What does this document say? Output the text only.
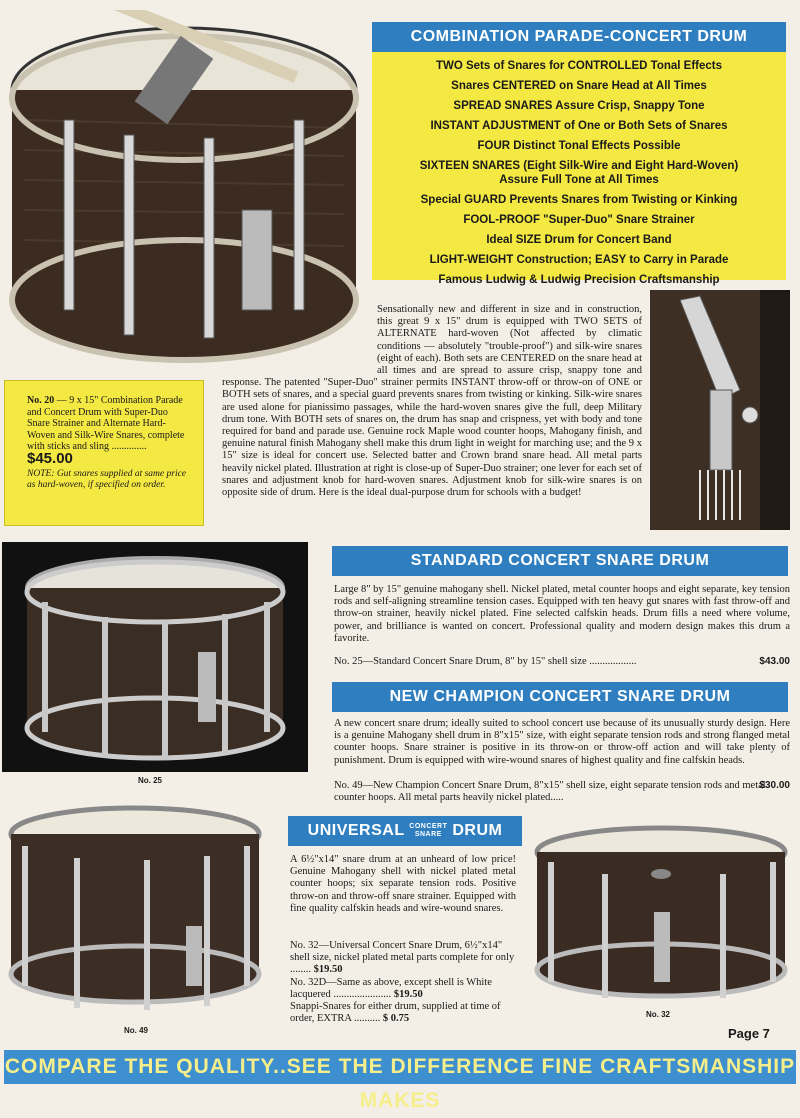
COMBINATION PARADE-CONCERT DRUM
TWO Sets of Snares for CONTROLLED Tonal Effects
Snares CENTERED on Snare Head at All Times
SPREAD SNARES Assure Crisp, Snappy Tone
INSTANT ADJUSTMENT of One or Both Sets of Snares
FOUR Distinct Tonal Effects Possible
SIXTEEN SNARES (Eight Silk-Wire and Eight Hard-Woven)
Assure Full Tone at All Times
Special GUARD Prevents Snares from Twisting or Kinking
FOOL-PROOF "Super-Duo" Snare Strainer
Ideal SIZE Drum for Concert Band
LIGHT-WEIGHT Construction; EASY to Carry in Parade
Famous Ludwig & Ludwig Precision Craftsmanship
No. 20 — 9 x 15" Combination Parade and Concert Drum with Super-Duo Snare Strainer and Alternate Hard-Woven and Silk-Wire Snares, complete with sticks and sling .............. $45.00
NOTE: Gut snares supplied at same price as hard-woven, if specified on order.
Sensationally new and different in size and in construction, this great 9 x 15" drum is equipped with TWO SETS of ALTERNATE hard-woven (Not affected by climatic conditions — absolutely "trouble-proof") and silk-wire snares (eight of each). Both sets are CENTERED on the snare head at all times and are spread to assure crisp, snappy tone and response. The patented "Super-Duo" strainer permits INSTANT throw-off or throw-on of ONE or BOTH sets of snares, and a special guard prevents snares from twisting or kinking. Silk-wire snares are used alone for pianissimo passages, while the hard-woven snares give the full, deep Military drum tone. With BOTH sets of snares on, the drum has snap and crispness, yet with body and tone required for band and parade use. Genuine rock Maple wood counter hoops, Mahogany finish, and genuine natural finish Mahogany shell make this drum light in weight for marching use; and the 9 x 15" size is ideal for concert use. Selected batter and Crown brand snare head. All metal parts heavily nickel plated. Illustration at right is close-up of Super-Duo strainer; one lever for each set of snares and adjustment knob for hard-woven snares. Adjustment knob for silk-wire snares is on opposite side of drum. Here is the ideal dual-purpose drum for schools with a budget!
No. 25
STANDARD CONCERT SNARE DRUM
Large 8" by 15" genuine mahogany shell. Nickel plated, metal counter hoops and eight separate, key tension rods and self-aligning streamline tension cases. Equipped with ten heavy gut snares with fast throw-off and throw-on strainer, heavily nickel plated. Fine selected calfskin heads. Drum fills a need where volume, power, and brilliance is wanted on concert. Professional quality and modern design makes this drum a favorite.
No. 25—Standard Concert Snare Drum, 8" by 15" shell size ..................	$43.00
NEW CHAMPION CONCERT SNARE DRUM
A new concert snare drum; ideally suited to school concert use because of its unusually sturdy design. Here is a genuine Mahogany shell drum in 8"x15" size, with eight separate tension rods and strong flanged metal counter hoops. Snare strainer is positive in its throw-on or throw-off action and will take plenty of punishment. Drum is equipped with wire-wound snares of highest quality and fine calfskin heads.
No. 49—New Champion Concert Snare Drum, 8"x15" shell size, eight separate tension rods and metal counter hoops. All metal parts heavily nickel plated.....
$30.00
No. 49
UNIVERSAL CONCERT
SNARE DRUM
A 6½"x14" snare drum at an unheard of low price! Genuine Mahogany shell with nickel plated metal counter hoops; six separate tension rods. Positive throw-on and throw-off snare strainer. Equipped with fine quality calfskin heads and wire-wound snares.
No. 32—Universal Concert Snare Drum, 6½"x14" shell size, nickel plated metal parts complete for only ........ $19.50
No. 32D—Same as above, except shell is White lacquered ...................... $19.50
Snappi-Snares for either drum, supplied at time of order, EXTRA .......... $ 0.75	No. 32
Page 7
COMPARE THE QUALITY..SEE THE DIFFERENCE FINE CRAFTSMANSHIP MAKES
